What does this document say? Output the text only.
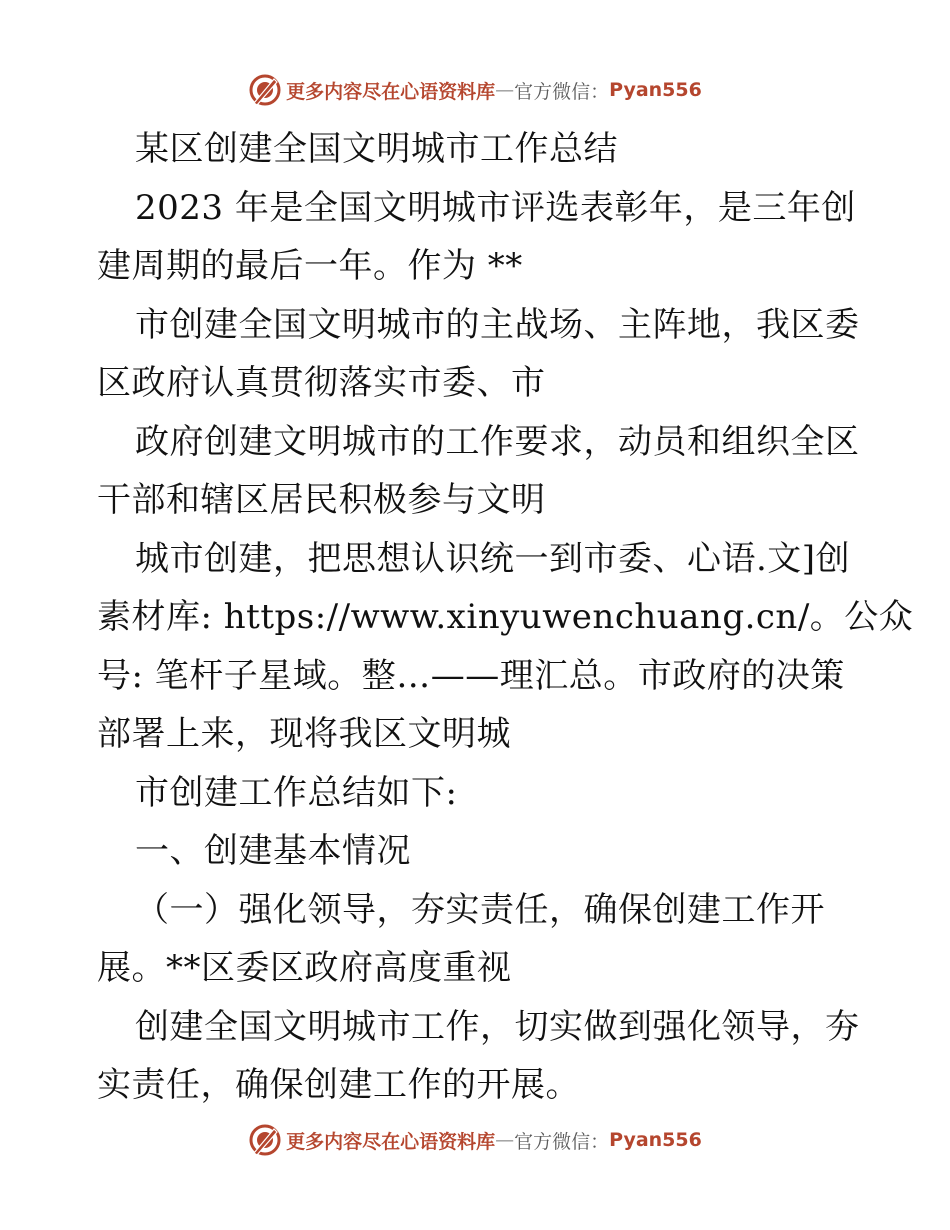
更多内容尽在心语资料库 — 官方微信： Pyan556
某区创建全国文明城市工作总结
2023 年是全国文明城市评选表彰年，是三年创
建周期的最后一年。作为 **
市创建全国文明城市的主战场、主阵地，我区委
区政府认真贯彻落实市委、市
政府创建文明城市的工作要求，动员和组织全区
干部和辖区居民积极参与文明
城市创建，把思想认识统一到市委、心语.文]创
素材库: https://www.xinyuwenchuang.cn/。公众
号: 笔杆子星域。整…——理汇总。市政府的决策
部署上来，现将我区文明城
市创建工作总结如下:
一、创建基本情况
（一）强化领导，夯实责任，确保创建工作开
展。**区委区政府高度重视
创建全国文明城市工作，切实做到强化领导，夯
实责任，确保创建工作的开展。
更多内容尽在心语资料库 — 官方微信： Pyan556
